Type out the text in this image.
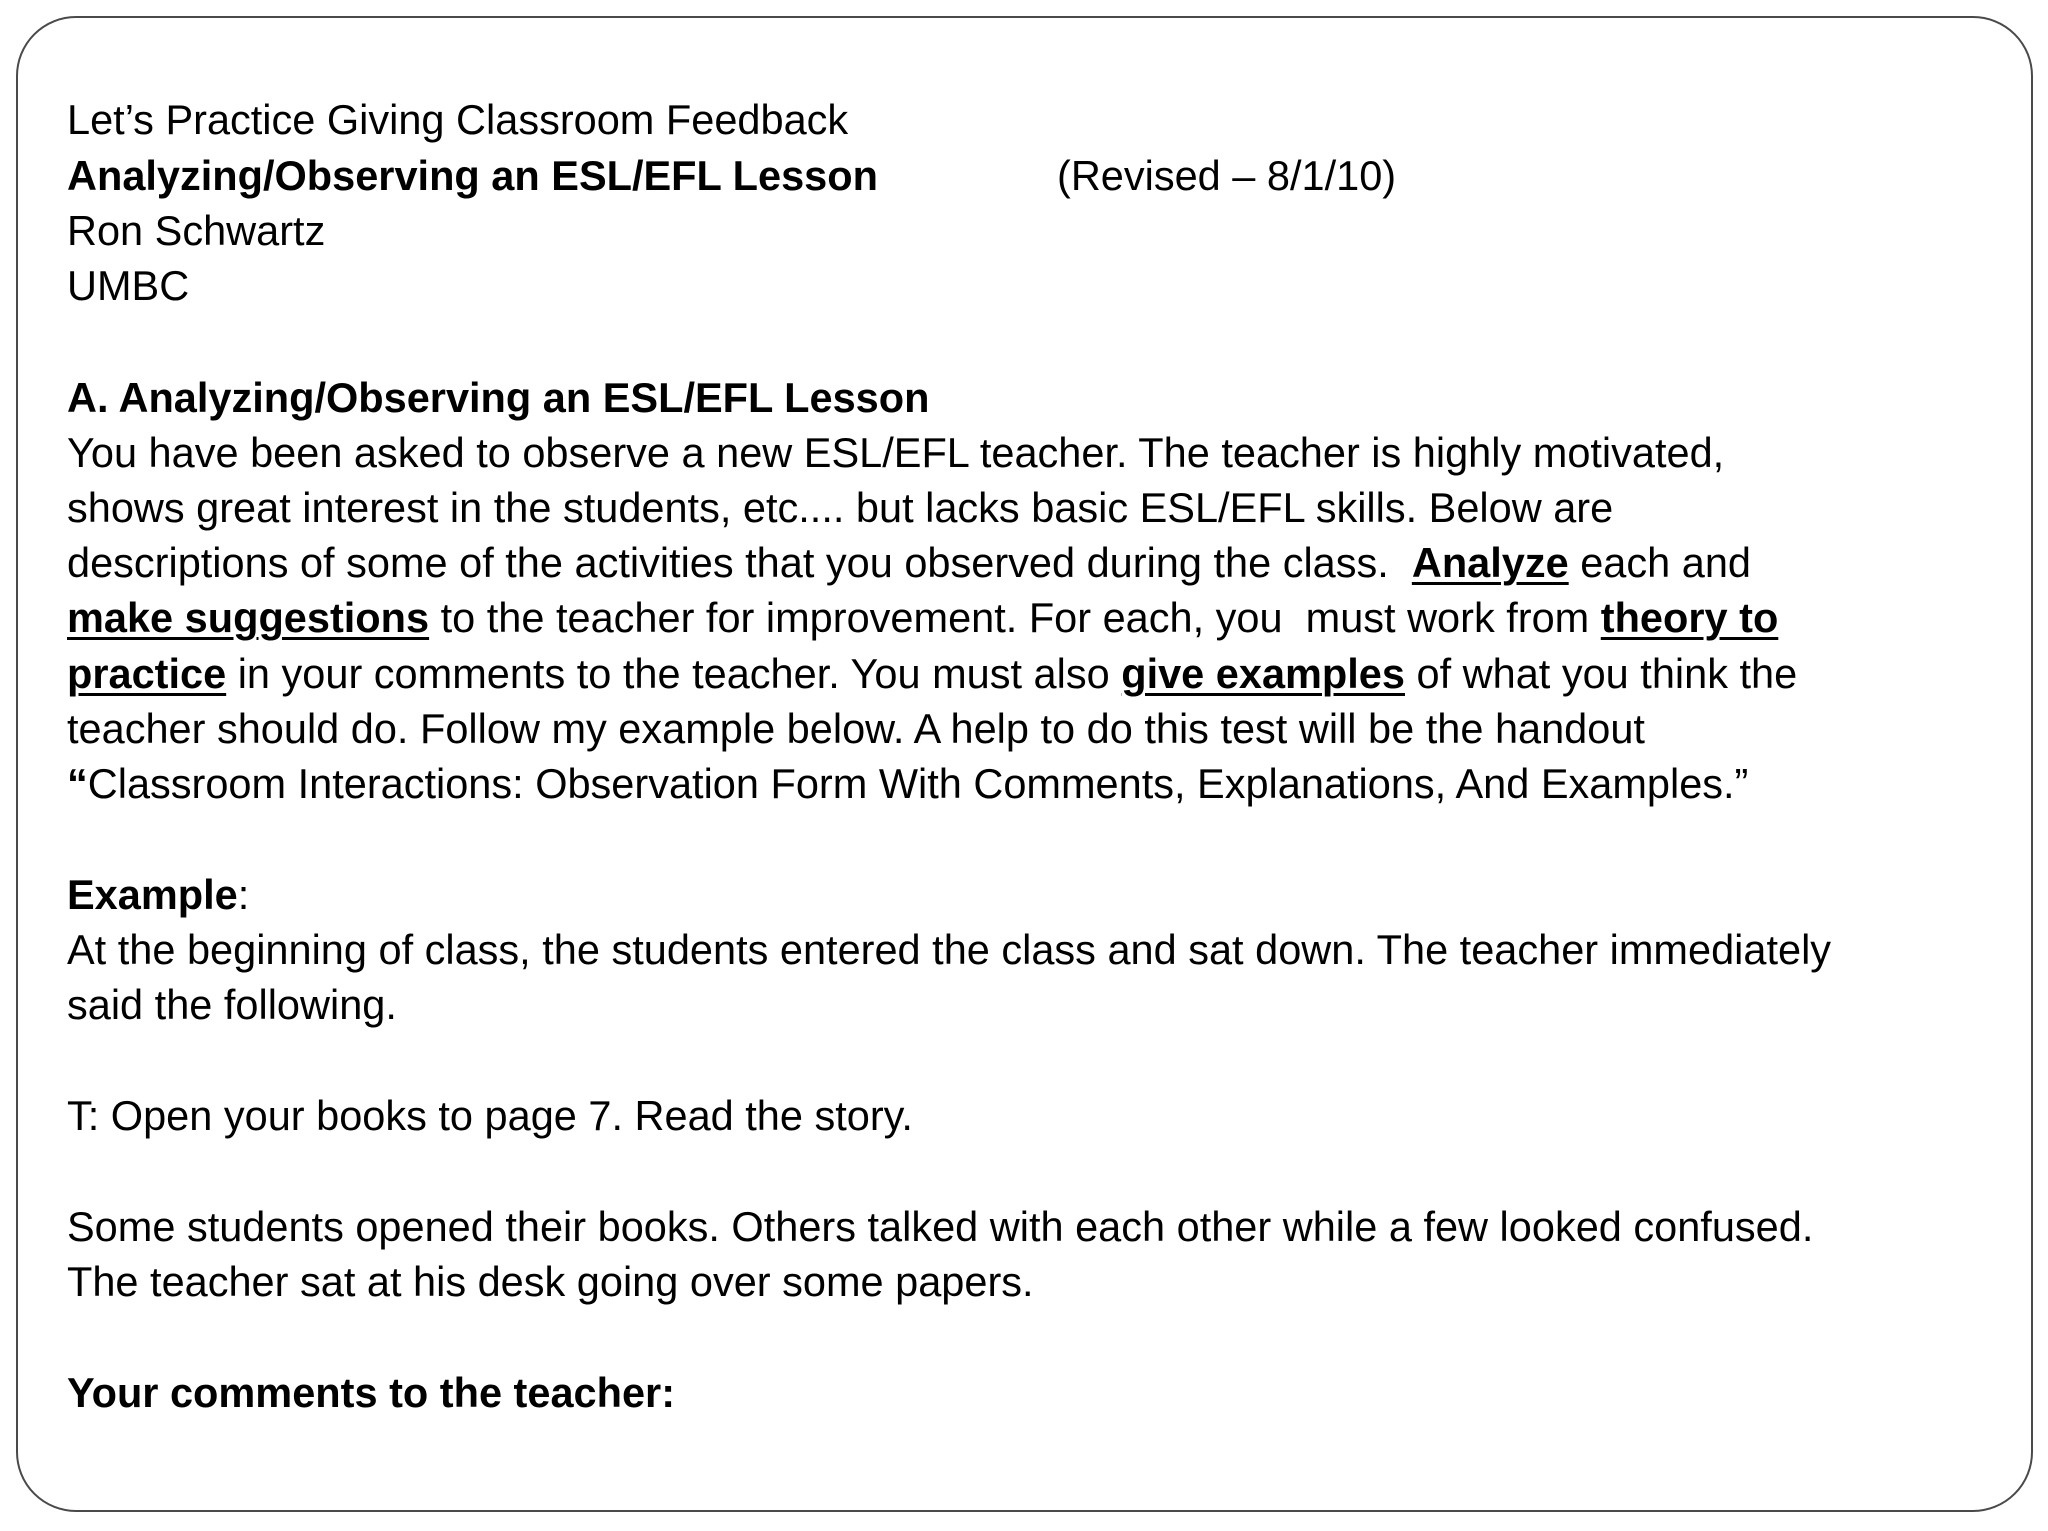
Let’s Practice Giving Classroom Feedback
Analyzing/Observing an ESL/EFL Lesson	(Revised – 8/1/10)
Ron Schwartz
UMBC
A. Analyzing/Observing an ESL/EFL Lesson
You have been asked to observe a new ESL/EFL teacher. The teacher is highly motivated,
shows great interest in the students, etc.... but lacks basic ESL/EFL skills. Below are
descriptions of some of the activities that you observed during the class.  Analyze each and
make suggestions to the teacher for improvement. For each, you  must work from theory to
practice in your comments to the teacher. You must also give examples of what you think the
teacher should do. Follow my example below. A help to do this test will be the handout
“Classroom Interactions: Observation Form With Comments, Explanations, And Examples.”
Example:
At the beginning of class, the students entered the class and sat down. The teacher immediately
said the following.
T: Open your books to page 7. Read the story.
Some students opened their books. Others talked with each other while a few looked confused.
The teacher sat at his desk going over some papers.
Your comments to the teacher:
